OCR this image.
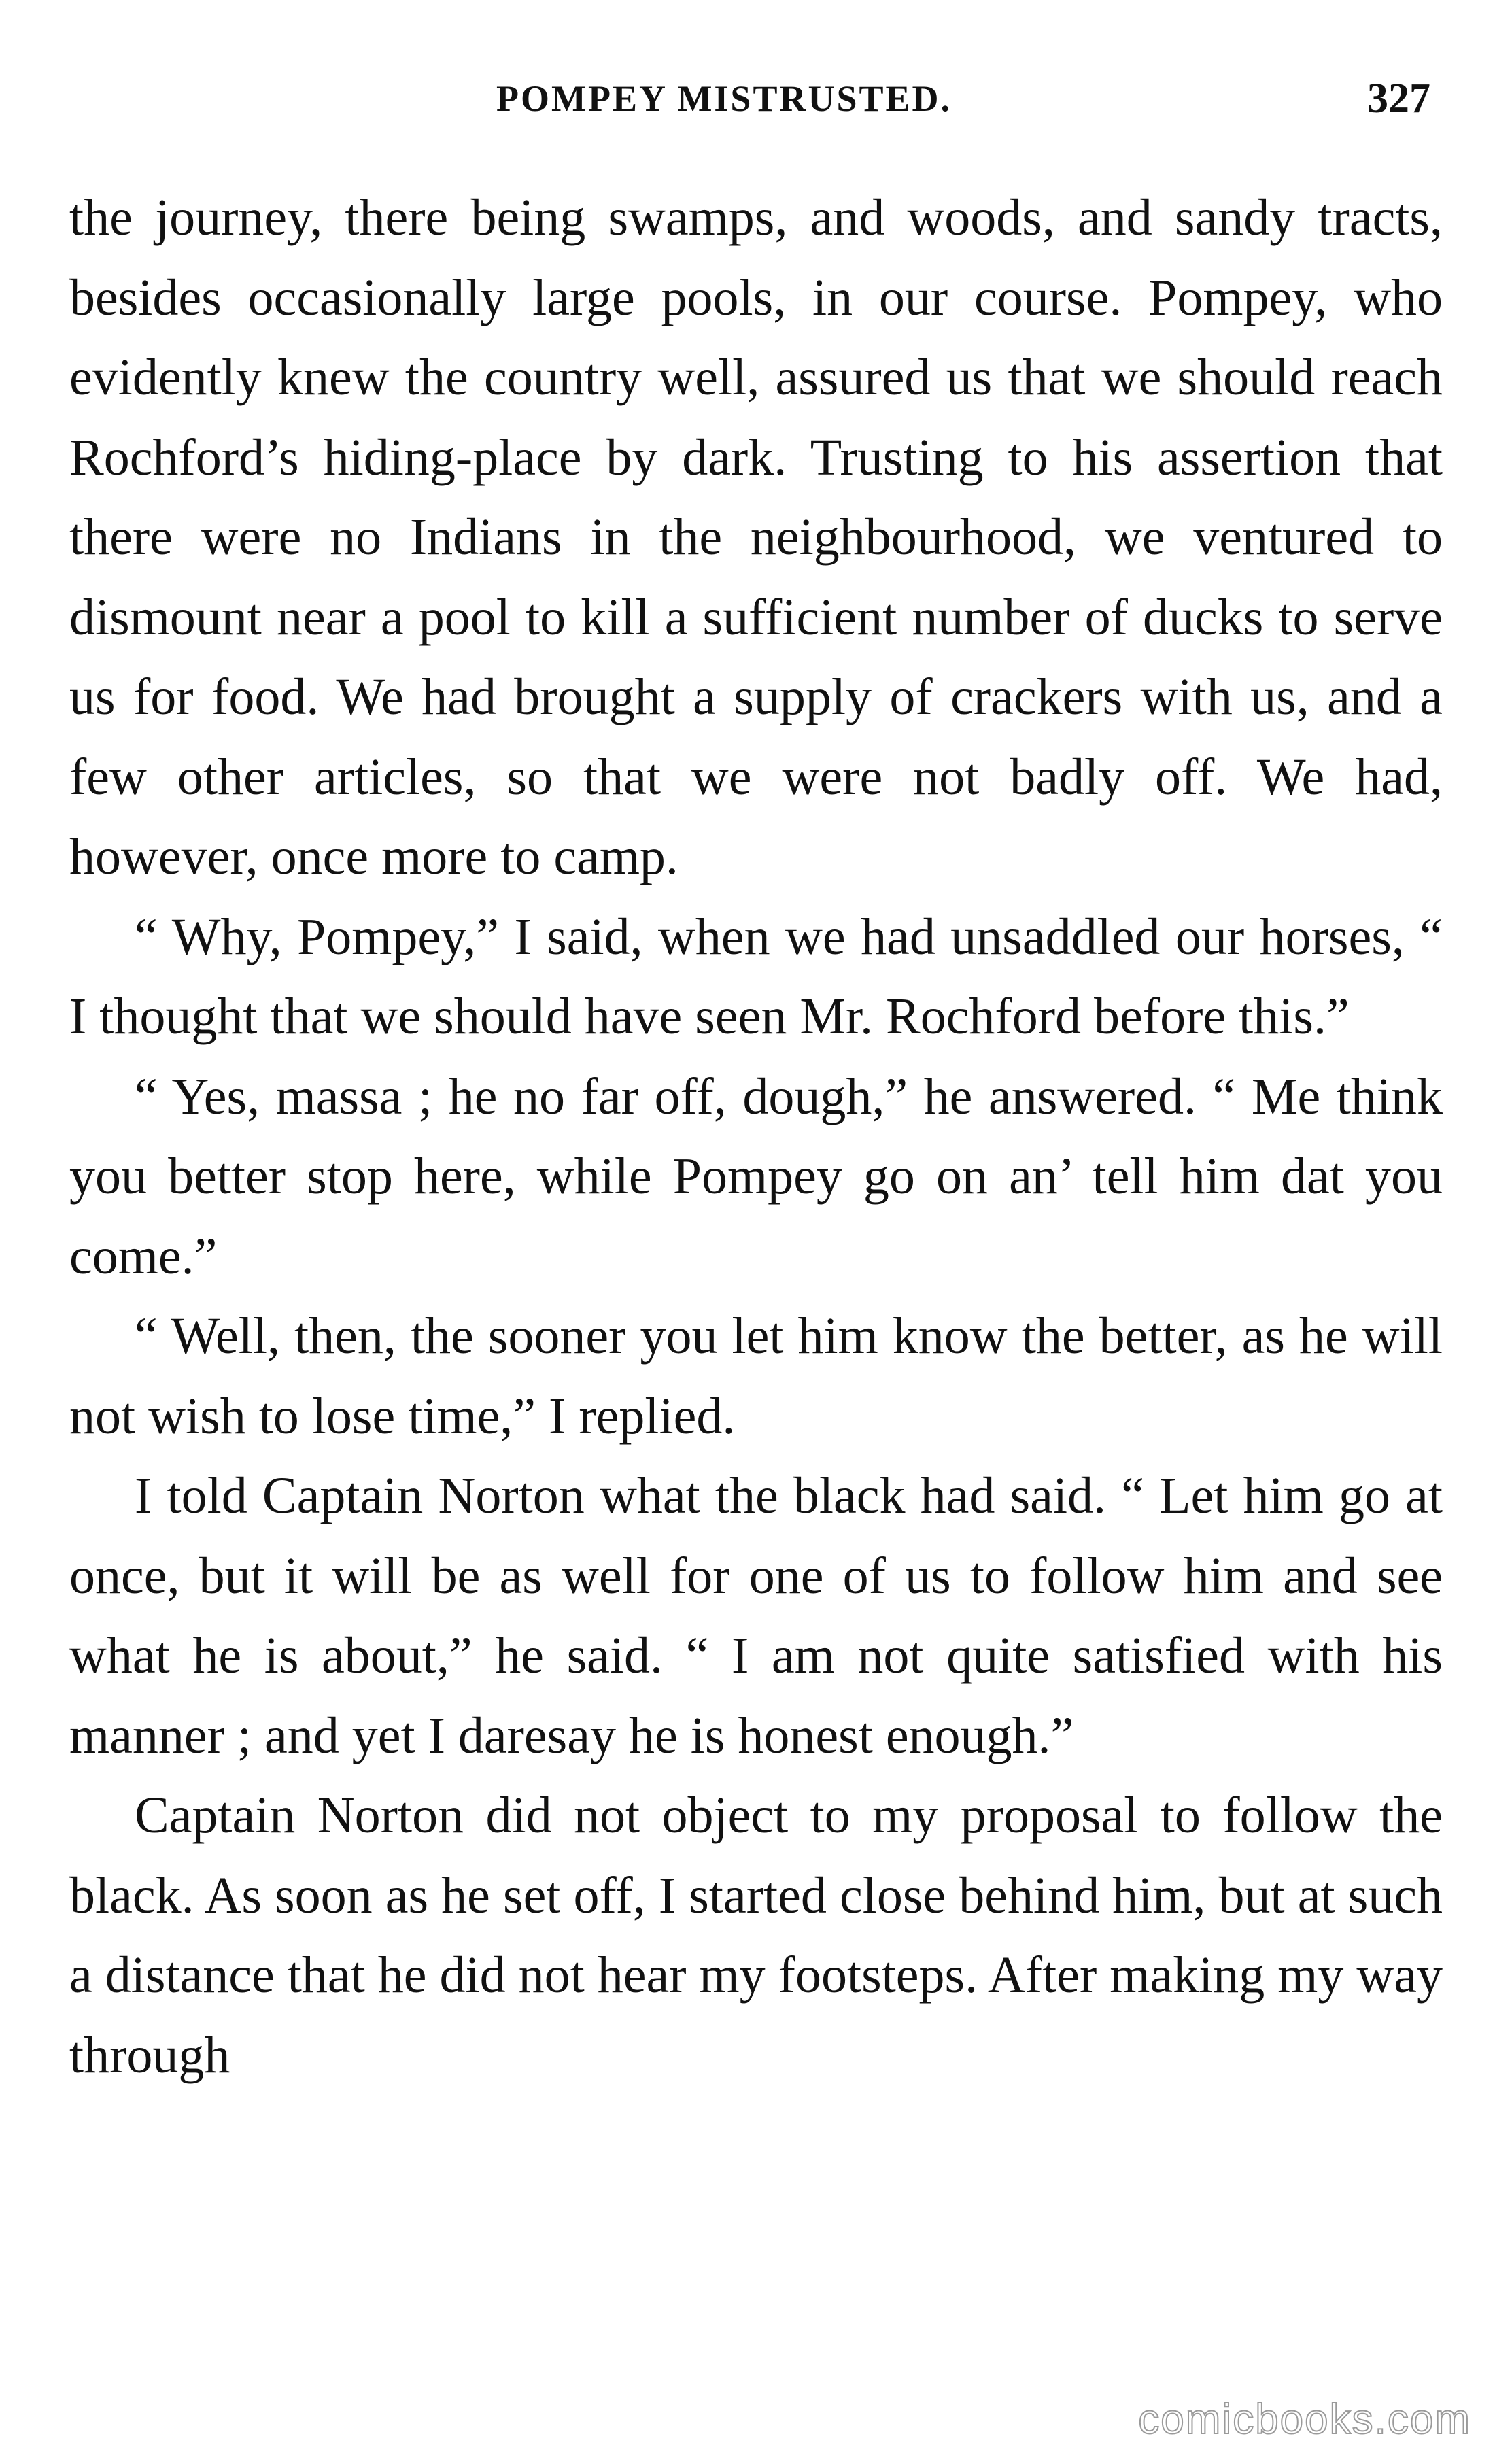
POMPEY MISTRUSTED.	327

the journey, there being swamps, and woods, and sandy tracts, besides occasionally large pools, in our course. Pompey, who evidently knew the country well, assured us that we should reach Rochford’s hiding-place by dark. Trusting to his assertion that there were no Indians in the neighbourhood, we ventured to dismount near a pool to kill a sufficient number of ducks to serve us for food. We had brought a supply of crackers with us, and a few other articles, so that we were not badly off. We had, however, once more to camp.

“ Why, Pompey,” I said, when we had unsaddled our horses, “ I thought that we should have seen Mr. Rochford before this.”

“ Yes, massa ; he no far off, dough,” he answered. “ Me think you better stop here, while Pompey go on an’ tell him dat you come.”

“ Well, then, the sooner you let him know the better, as he will not wish to lose time,” I replied.

I told Captain Norton what the black had said. “ Let him go at once, but it will be as well for one of us to follow him and see what he is about,” he said. “ I am not quite satisfied with his manner ; and yet I daresay he is honest enough.”

Captain Norton did not object to my proposal to follow the black. As soon as he set off, I started close behind him, but at such a distance that he did not hear my footsteps. After making my way through

comicbooks.com
